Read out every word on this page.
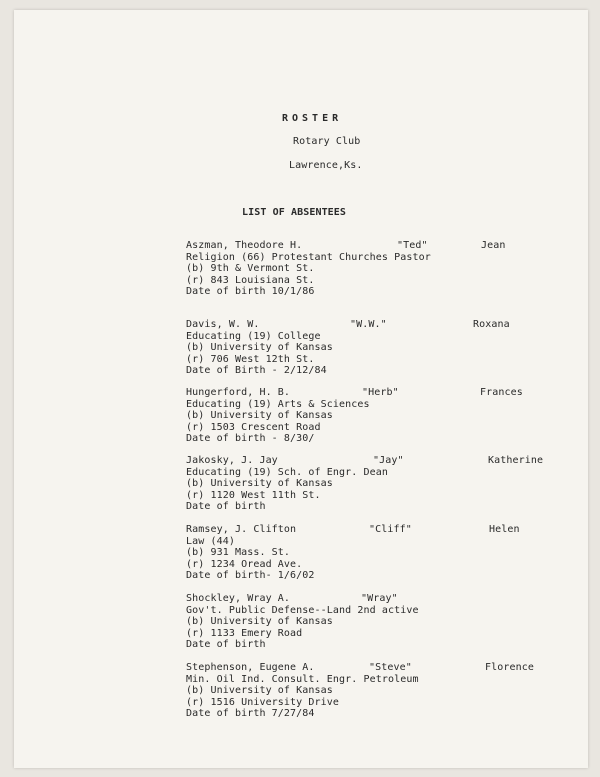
ROSTER
Rotary Club
Lawrence,Ks.
LIST OF ABSENTEES
Aszman, Theodore H.	"Ted"	Jean
Religion (66) Protestant Churches Pastor
(b) 9th & Vermont St.
(r) 843 Louisiana St.
Date of birth 10/1/86
Davis, W. W.	"W.W."	Roxana
Educating (19) College
(b) University of Kansas
(r) 706 West 12th St.
Date of Birth - 2/12/84
Hungerford, H. B.	"Herb"	Frances
Educating (19) Arts & Sciences
(b) University of Kansas
(r) 1503 Crescent Road
Date of birth - 8/30/
Jakosky, J. Jay	"Jay"	Katherine
Educating (19) Sch. of Engr. Dean
(b) University of Kansas
(r) 1120 West 11th St.
Date of birth
Ramsey, J. Clifton	"Cliff"	Helen
Law (44)
(b) 931 Mass. St.
(r) 1234 Oread Ave.
Date of birth- 1/6/02
Shockley, Wray A.	"Wray"
Gov't. Public Defense--Land 2nd active
(b) University of Kansas
(r) 1133 Emery Road
Date of birth
Stephenson, Eugene A.	"Steve"	Florence
Min. Oil Ind. Consult. Engr. Petroleum
(b) University of Kansas
(r) 1516 University Drive
Date of birth 7/27/84
